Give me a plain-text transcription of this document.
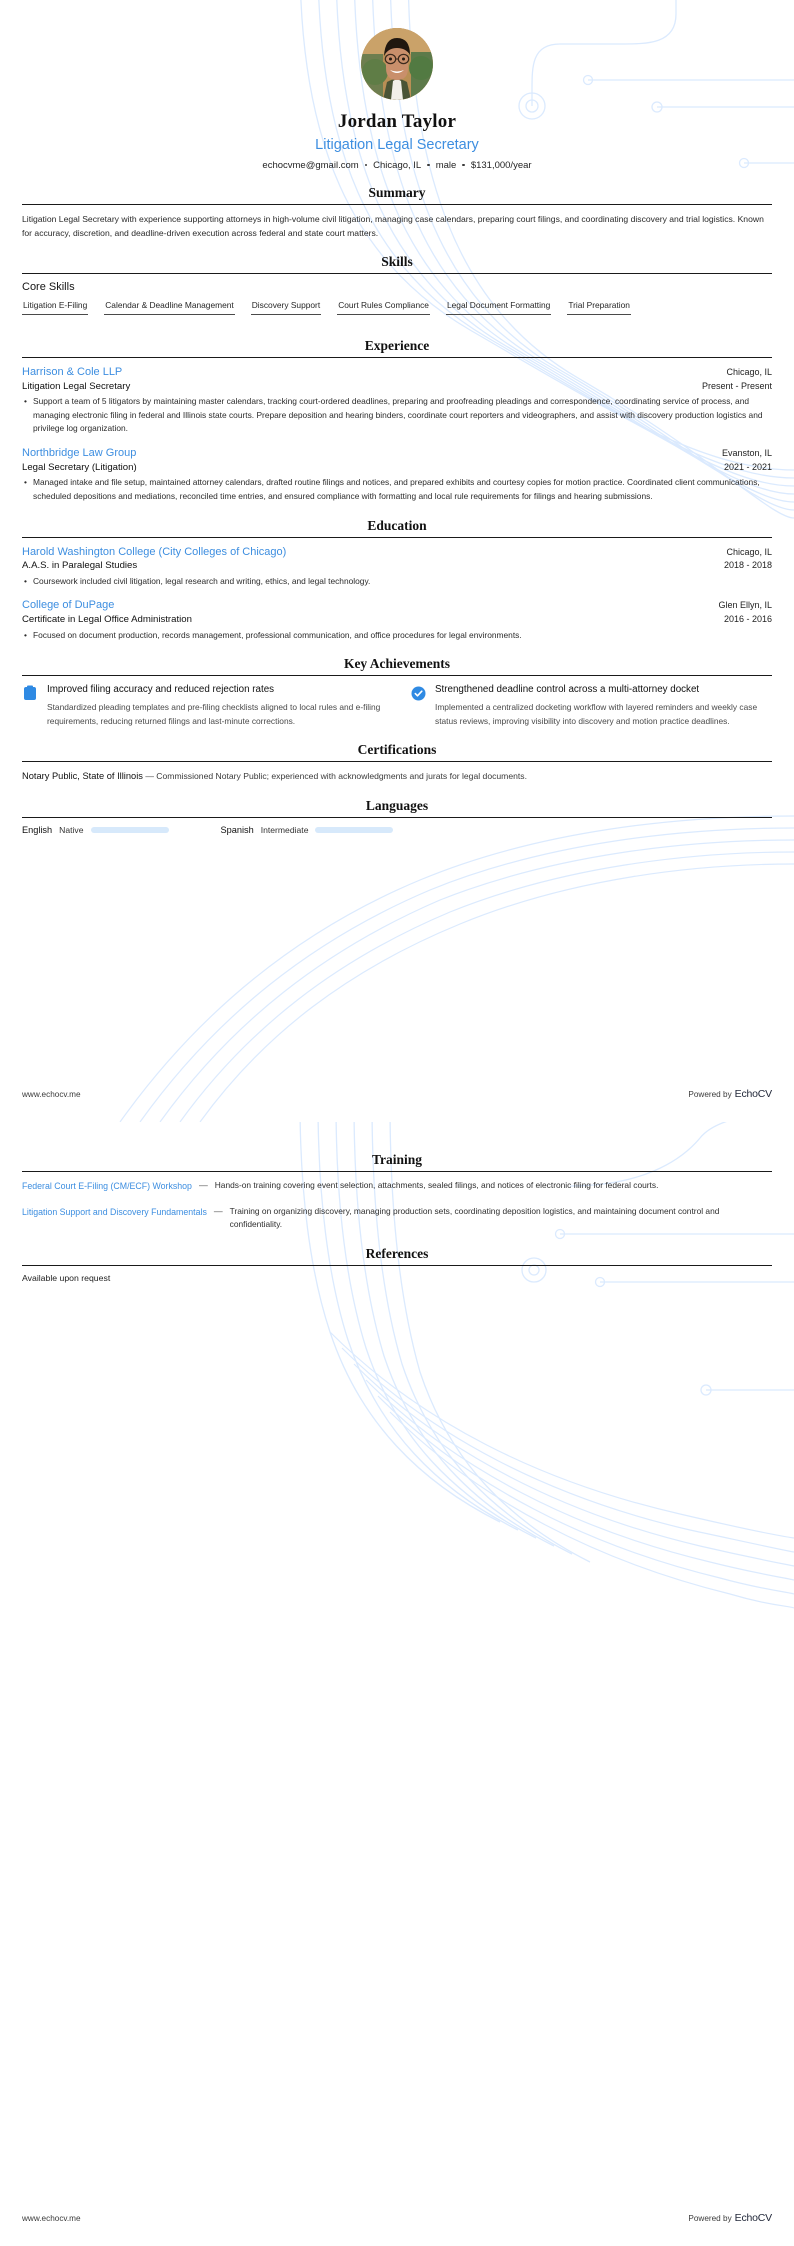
Jordan Taylor
Litigation Legal Secretary
echocvme@gmail.com Chicago, IL male $131,000/year
Summary
Litigation Legal Secretary with experience supporting attorneys in high-volume civil litigation, managing case calendars, preparing court filings, and coordinating discovery and trial logistics. Known for accuracy, discretion, and deadline-driven execution across federal and state court matters.
Skills
Core Skills
Litigation E-Filing Calendar & Deadline Management Discovery Support Court Rules Compliance Legal Document Formatting Trial Preparation
Experience
Harrison & Cole LLP	Chicago, IL
Litigation Legal Secretary	Present - Present
• Support a team of 5 litigators by maintaining master calendars, tracking court-ordered deadlines, preparing and proofreading pleadings and correspondence, coordinating service of process, and managing electronic filing in federal and Illinois state courts. Prepare deposition and hearing binders, coordinate court reporters and videographers, and assist with discovery production logistics and privilege log organization.
Northbridge Law Group	Evanston, IL
Legal Secretary (Litigation)	2021 - 2021
• Managed intake and file setup, maintained attorney calendars, drafted routine filings and notices, and prepared exhibits and courtesy copies for motion practice. Coordinated client communications, scheduled depositions and mediations, reconciled time entries, and ensured compliance with formatting and local rule requirements for filings and hearing submissions.
Education
Harold Washington College (City Colleges of Chicago)	Chicago, IL
A.A.S. in Paralegal Studies	2018 - 2018
• Coursework included civil litigation, legal research and writing, ethics, and legal technology.
College of DuPage	Glen Ellyn, IL
Certificate in Legal Office Administration	2016 - 2016
• Focused on document production, records management, professional communication, and office procedures for legal environments.
Key Achievements
Improved filing accuracy and reduced rejection rates
Standardized pleading templates and pre-filing checklists aligned to local rules and e-filing requirements, reducing returned filings and last-minute corrections.
Strengthened deadline control across a multi-attorney docket
Implemented a centralized docketing workflow with layered reminders and weekly case status reviews, improving visibility into discovery and motion practice deadlines.
Certifications
Notary Public, State of Illinois — Commissioned Notary Public; experienced with acknowledgments and jurats for legal documents.
Languages
English Native	Spanish Intermediate
www.echocv.me	Powered by EchoCV
Training
Federal Court E-Filing (CM/ECF) Workshop — Hands-on training covering event selection, attachments, sealed filings, and notices of electronic filing for federal courts.
Litigation Support and Discovery Fundamentals — Training on organizing discovery, managing production sets, coordinating deposition logistics, and maintaining document control and confidentiality.
References
Available upon request
www.echocv.me	Powered by EchoCV
